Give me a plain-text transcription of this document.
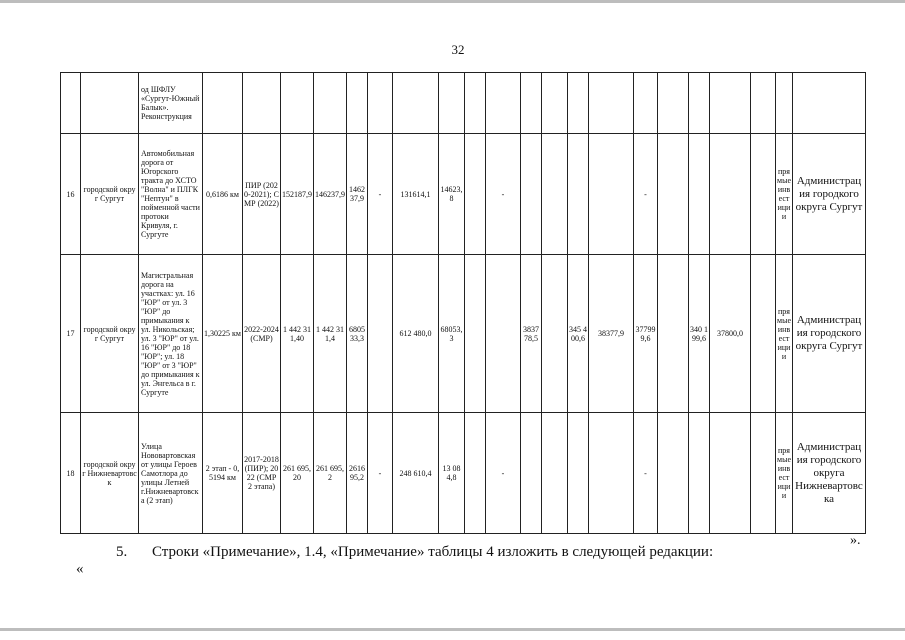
32
		од ШФЛУ «Сургут-Южный Балык». Реконструкция																					
16	городской округ Сургут	Автомобильная дорога от Югорского тракта до ХСТО "Волна" и ПЛГК "Нептун" в пойменной части протоки Кривуля, г. Сургуте	0,6186 км	ПИР (2020-2021); СМР (2022)	152187,9	146237,9	146237,9	-	131614,1	14623,8		-					-					прямые инвестиции	Администрация городкого округа Сургут
17	городской округ Сургут	Магистральная дорога на участках: ул. 16 "ЮР" от ул. 3 "ЮР" до примыкания к ул. Никольская; ул. 3 "ЮР" от ул. 16 "ЮР" до 18 "ЮР"; ул. 18 "ЮР" от 3 "ЮР" до примыкания к ул. Энгельса в г. Сургуте	1,30225 км	2022-2024 (СМР)	1 442 311,40	1 442 311,4	680533,3		612 480,0	68053,3			383778,5		345 400,6	38377,9	377999,6		340 199,6	37800,0		прямые инвестиции	Администрация городского округа Сургут
18	городской округ Нижневартовск	Улица Нововартовская от улицы Героев Самотлора до улицы Летней г.Нижневартовска (2 этап)	2 этап - 0,5194 км	2017-2018 (ПИР); 2022 (СМР 2 этапа)	261 695,20	261 695,2	261695,2	-	248 610,4	13 084,8		-					-					прямые инвестиции	Администрация городского округа Нижневартовска
».
5. Строки «Примечание», 1.4, «Примечание» таблицы 4 изложить в следующей редакции:
«
